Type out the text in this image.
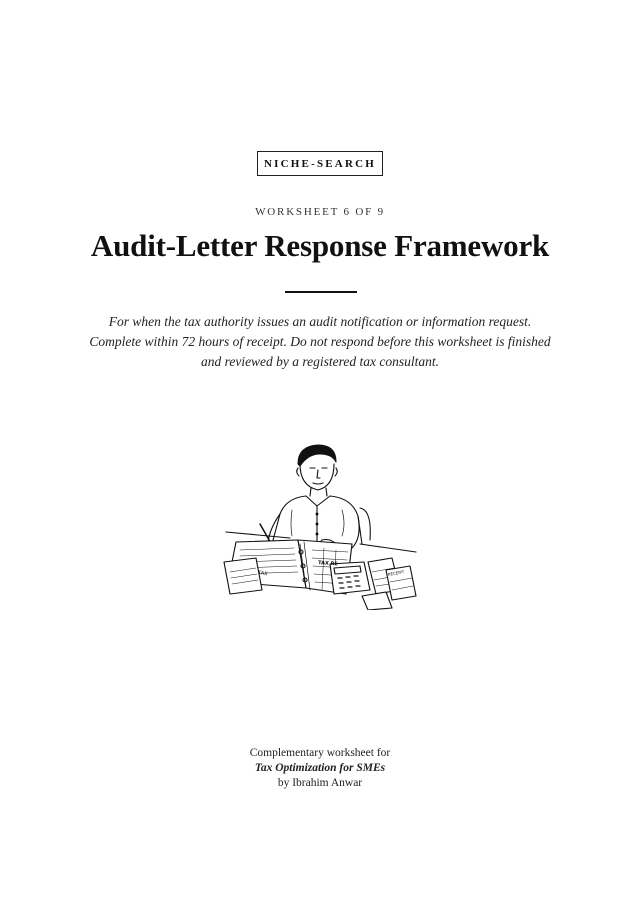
NICHE-SEARCH
WORKSHEET 6 OF 9
Audit-Letter Response Framework
For when the tax authority issues an audit notification or information request.
Complete within 72 hours of receipt. Do not respond before this worksheet is finished
and reviewed by a registered tax consultant.
TAX
TAX RE
RECEIPT
Complementary worksheet for
Tax Optimization for SMEs
by Ibrahim Anwar
